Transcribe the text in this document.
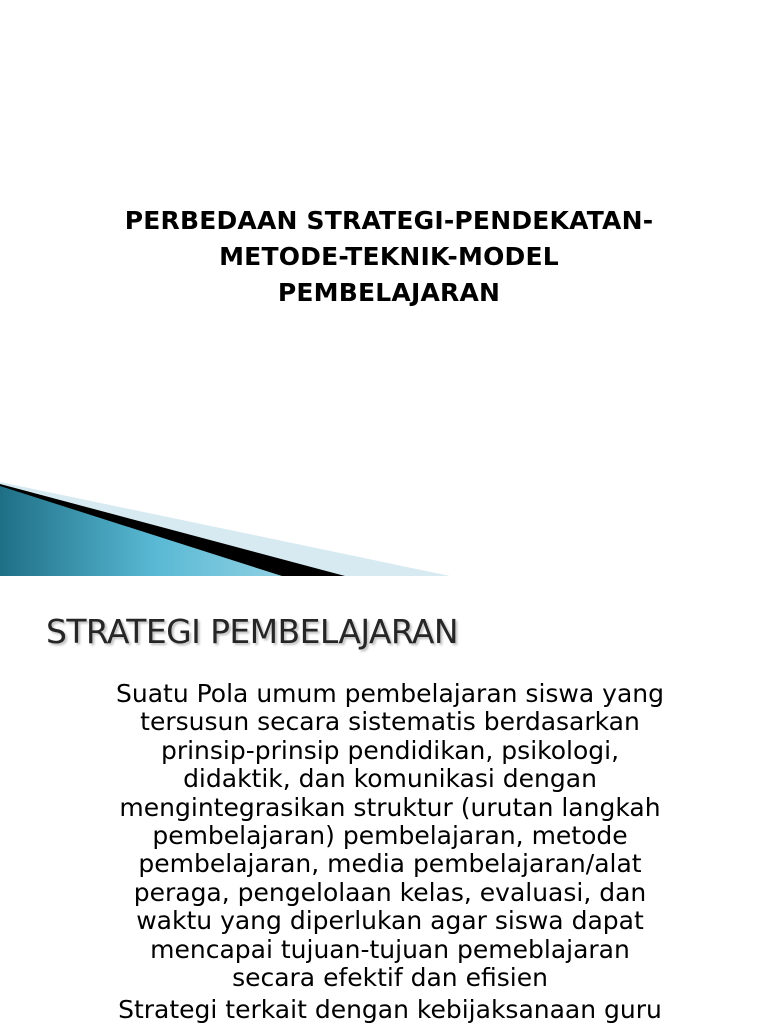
PERBEDAAN STRATEGI-PENDEKATAN-
METODE-TEKNIK-MODEL
PEMBELAJARAN
STRATEGI PEMBELAJARAN
Suatu Pola umum pembelajaran siswa yang
tersusun secara sistematis berdasarkan
prinsip-prinsip pendidikan, psikologi,
didaktik, dan komunikasi dengan
mengintegrasikan struktur (urutan langkah
pembelajaran) pembelajaran, metode
pembelajaran, media pembelajaran/alat
peraga, pengelolaan kelas, evaluasi, dan
waktu yang diperlukan agar siswa dapat
mencapai tujuan-tujuan pemeblajaran
secara efektif dan efisien
Strategi terkait dengan kebijaksanaan guru
